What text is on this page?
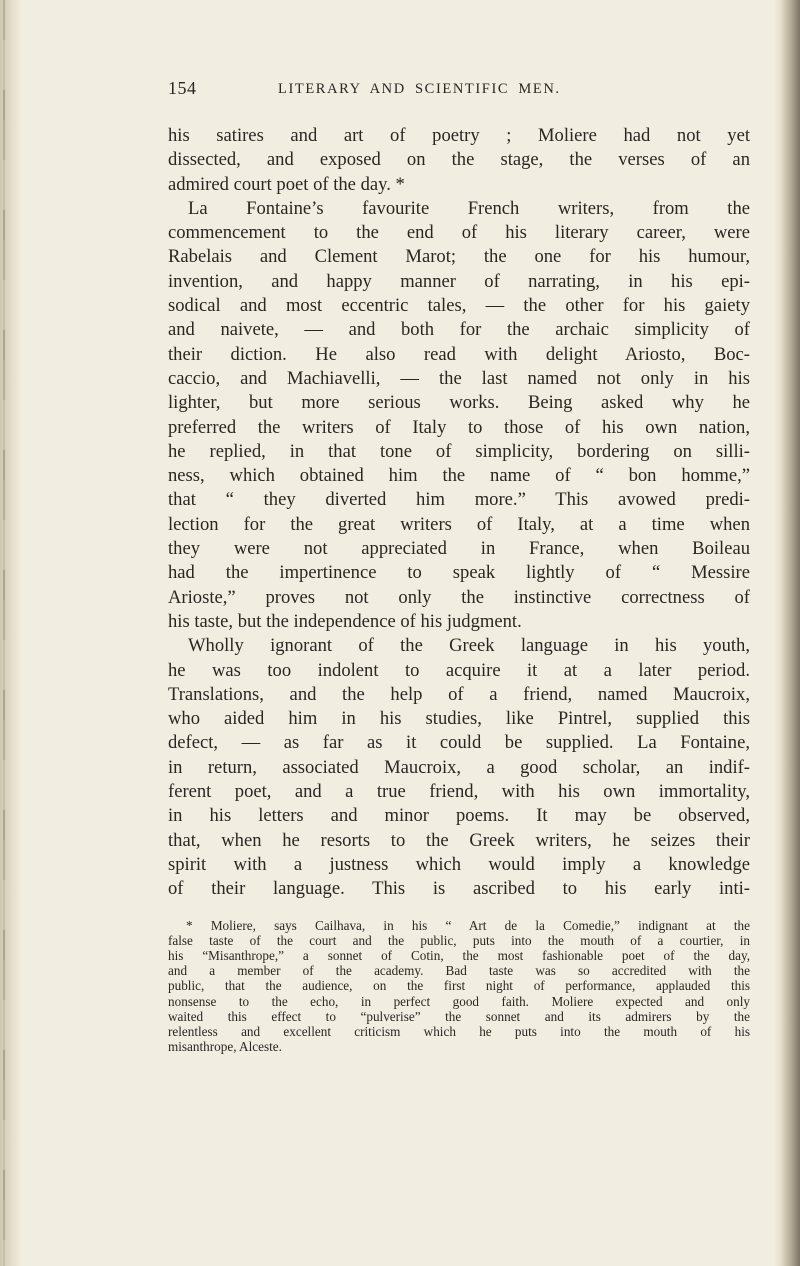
154	LITERARY AND SCIENTIFIC MEN.

his satires and art of poetry ; Moliere had not yet

dissected, and exposed on the stage, the verses of an

admired court poet of the day. *

La Fontaine’s favourite French writers, from the

commencement to the end of his literary career, were

Rabelais and Clement Marot; the one for his humour,

invention, and happy manner of narrating, in his epi-

sodical and most eccentric tales, — the other for his gaiety

and naivete, — and both for the archaic simplicity of

their diction. He also read with delight Ariosto, Boc-

caccio, and Machiavelli, — the last named not only in his

lighter, but more serious works. Being asked why he

preferred the writers of Italy to those of his own nation,

he replied, in that tone of simplicity, bordering on silli-

ness, which obtained him the name of “ bon homme,”

that “ they diverted him more.” This avowed predi-

lection for the great writers of Italy, at a time when

they were not appreciated in France, when Boileau

had the impertinence to speak lightly of “ Messire

Arioste,” proves not only the instinctive correctness of

his taste, but the independence of his judgment.

Wholly ignorant of the Greek language in his youth,

he was too indolent to acquire it at a later period.

Translations, and the help of a friend, named Maucroix,

who aided him in his studies, like Pintrel, supplied this

defect, — as far as it could be supplied. La Fontaine,

in return, associated Maucroix, a good scholar, an indif-

ferent poet, and a true friend, with his own immortality,

in his letters and minor poems. It may be observed,

that, when he resorts to the Greek writers, he seizes their

spirit with a justness which would imply a knowledge

of their language. This is ascribed to his early inti-

* Moliere, says Cailhava, in his “ Art de la Comedie,” indignant at the

false taste of the court and the public, puts into the mouth of a courtier, in

his “Misanthrope,” a sonnet of Cotin, the most fashionable poet of the day,

and a member of the academy. Bad taste was so accredited with the

public, that the audience, on the first night of performance, applauded this

nonsense to the echo, in perfect good faith. Moliere expected and only

waited this effect to “pulverise” the sonnet and its admirers by the

relentless and excellent criticism which he puts into the mouth of his

misanthrope, Alceste.
